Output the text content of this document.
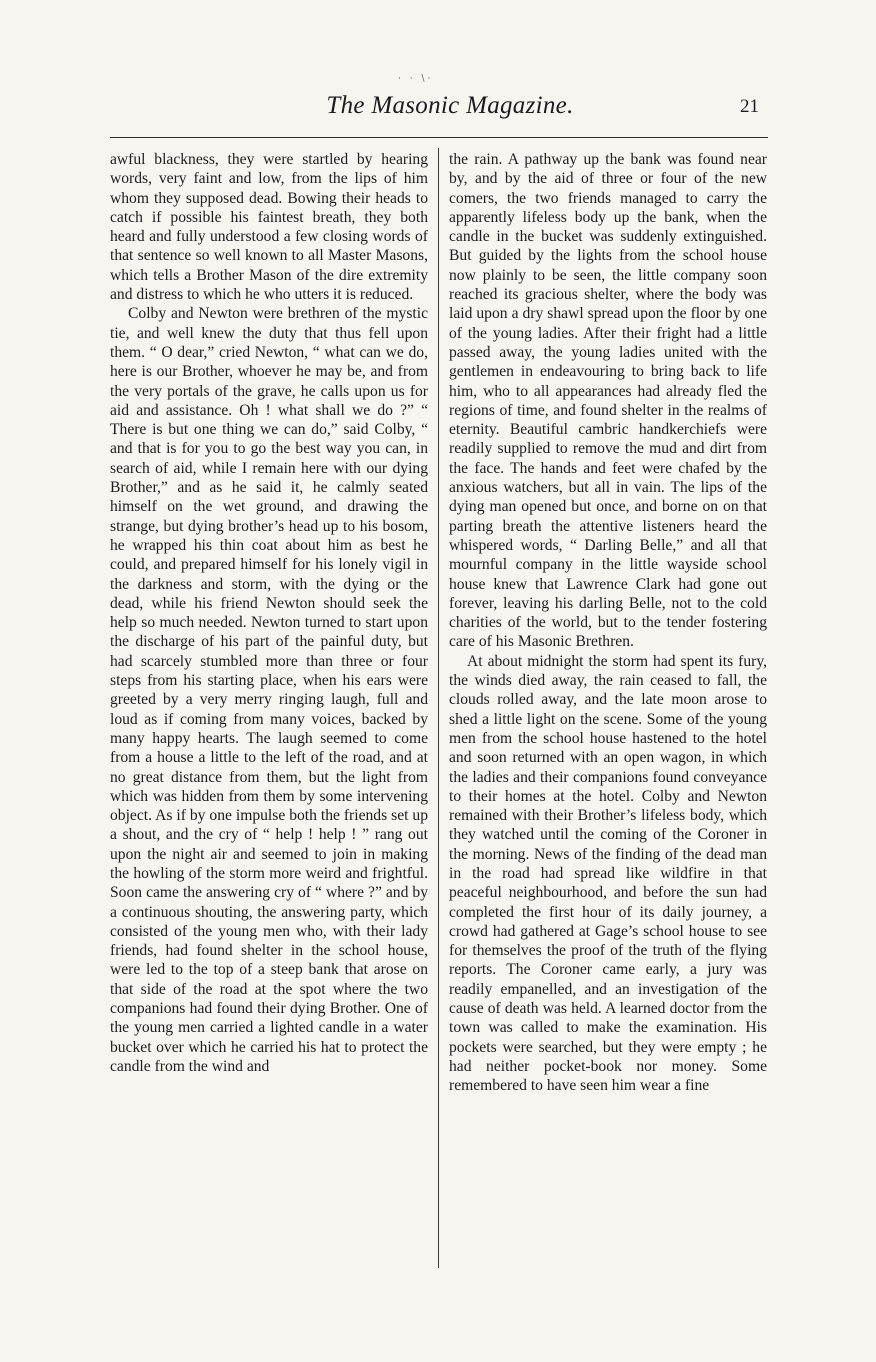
· · \·
The Masonic Magazine.	21

awful blackness, they were startled by hearing words, very faint and low, from the lips of him whom they supposed dead. Bowing their heads to catch if possible his faintest breath, they both heard and fully understood a few closing words of that sentence so well known to all Master Masons, which tells a Brother Mason of the dire extremity and distress to which he who utters it is reduced.

Colby and Newton were brethren of the mystic tie, and well knew the duty that thus fell upon them. “ O dear,” cried Newton, “ what can we do, here is our Brother, whoever he may be, and from the very portals of the grave, he calls upon us for aid and assistance. Oh ! what shall we do ?” “ There is but one thing we can do,” said Colby, “ and that is for you to go the best way you can, in search of aid, while I remain here with our dying Brother,” and as he said it, he calmly seated himself on the wet ground, and drawing the strange, but dying brother’s head up to his bosom, he wrapped his thin coat about him as best he could, and prepared himself for his lonely vigil in the darkness and storm, with the dying or the dead, while his friend Newton should seek the help so much needed. Newton turned to start upon the discharge of his part of the painful duty, but had scarcely stumbled more than three or four steps from his starting place, when his ears were greeted by a very merry ringing laugh, full and loud as if coming from many voices, backed by many happy hearts. The laugh seemed to come from a house a little to the left of the road, and at no great distance from them, but the light from which was hidden from them by some intervening object. As if by one impulse both the friends set up a shout, and the cry of “ help ! help ! ” rang out upon the night air and seemed to join in making the howling of the storm more weird and frightful. Soon came the answering cry of “ where ?” and by a continuous shouting, the answering party, which consisted of the young men who, with their lady friends, had found shelter in the school house, were led to the top of a steep bank that arose on that side of the road at the spot where the two companions had found their dying Brother. One of the young men carried a lighted candle in a water bucket over which he carried his hat to protect the candle from the wind and

the rain. A pathway up the bank was found near by, and by the aid of three or four of the new comers, the two friends managed to carry the apparently lifeless body up the bank, when the candle in the bucket was suddenly extinguished. But guided by the lights from the school house now plainly to be seen, the little company soon reached its gracious shelter, where the body was laid upon a dry shawl spread upon the floor by one of the young ladies. After their fright had a little passed away, the young ladies united with the gentlemen in endeavouring to bring back to life him, who to all appearances had already fled the regions of time, and found shelter in the realms of eternity. Beautiful cambric handkerchiefs were readily supplied to remove the mud and dirt from the face. The hands and feet were chafed by the anxious watchers, but all in vain. The lips of the dying man opened but once, and borne on on that parting breath the attentive listeners heard the whispered words, “ Darling Belle,” and all that mournful company in the little wayside school house knew that Lawrence Clark had gone out forever, leaving his darling Belle, not to the cold charities of the world, but to the tender fostering care of his Masonic Brethren.

At about midnight the storm had spent its fury, the winds died away, the rain ceased to fall, the clouds rolled away, and the late moon arose to shed a little light on the scene. Some of the young men from the school house hastened to the hotel and soon returned with an open wagon, in which the ladies and their companions found conveyance to their homes at the hotel. Colby and Newton remained with their Brother’s lifeless body, which they watched until the coming of the Coroner in the morning. News of the finding of the dead man in the road had spread like wildfire in that peaceful neighbourhood, and before the sun had completed the first hour of its daily journey, a crowd had gathered at Gage’s school house to see for themselves the proof of the truth of the flying reports. The Coroner came early, a jury was readily empanelled, and an investigation of the cause of death was held. A learned doctor from the town was called to make the examination. His pockets were searched, but they were empty ; he had neither pocket-book nor money. Some remembered to have seen him wear a fine
